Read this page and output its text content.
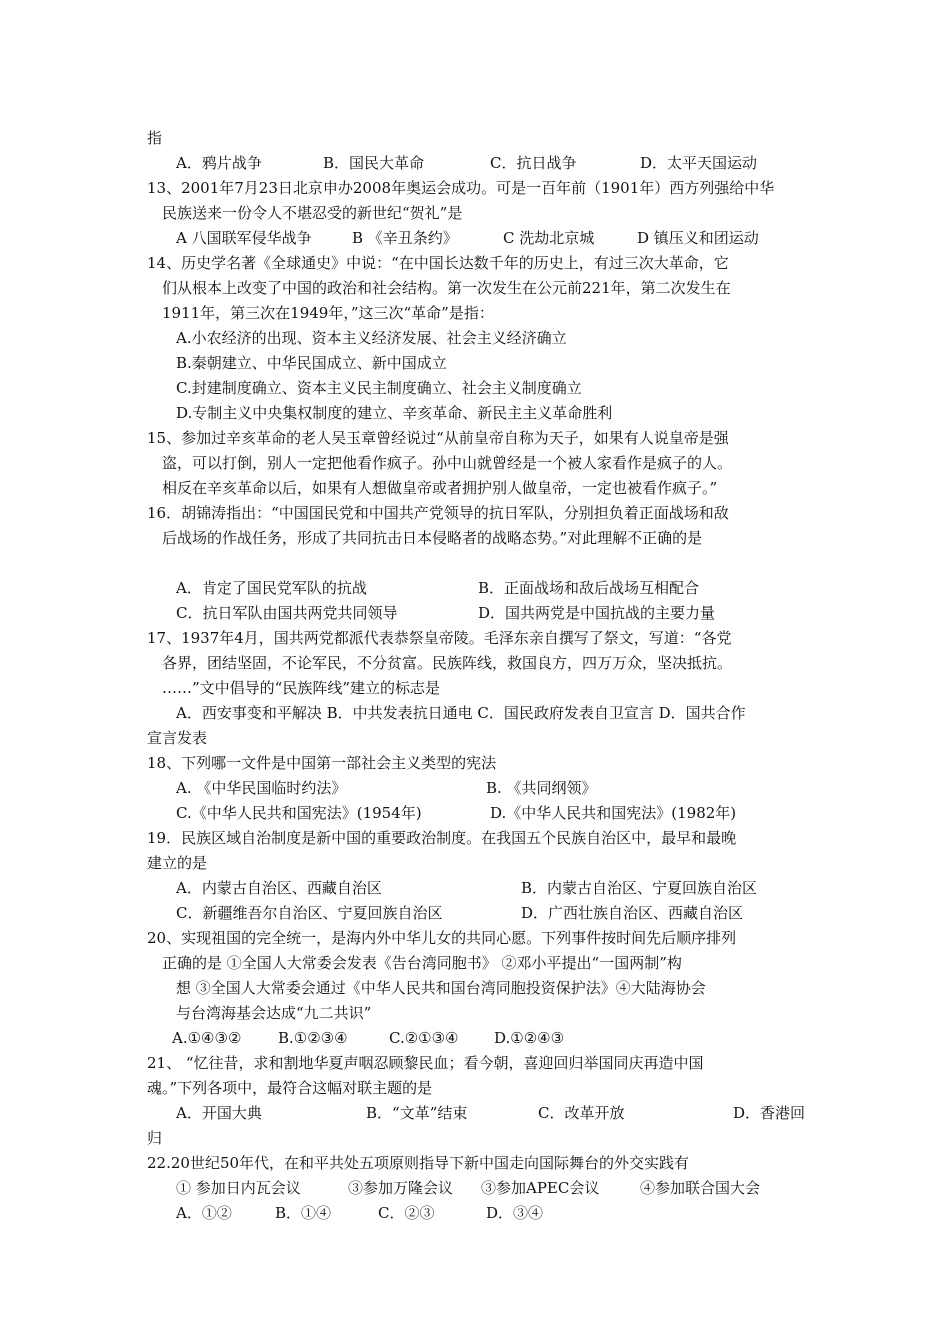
指
A．鸦片战争	B．国民大革命	C．抗日战争	D．太平天国运动
13、2001年7月23日北京申办2008年奥运会成功。可是一百年前（1901年）西方列强给中华
民族送来一份令人不堪忍受的新世纪“贺礼”是
A 八国联军侵华战争	B 《辛丑条约》	C 洗劫北京城	D 镇压义和团运动
14、历史学名著《全球通史》中说：“在中国长达数千年的历史上，有过三次大革命，它
们从根本上改变了中国的政治和社会结构。第一次发生在公元前221年，第二次发生在
1911年，第三次在1949年，”这三次“革命”是指：
A.小农经济的出现、资本主义经济发展、社会主义经济确立
B.秦朝建立、中华民国成立、新中国成立
C.封建制度确立、资本主义民主制度确立、社会主义制度确立
D.专制主义中央集权制度的建立、辛亥革命、新民主主义革命胜利
15、参加过辛亥革命的老人吴玉章曾经说过“从前皇帝自称为天子，如果有人说皇帝是强
盗，可以打倒，别人一定把他看作疯子。孙中山就曾经是一个被人家看作是疯子的人。
相反在辛亥革命以后，如果有人想做皇帝或者拥护别人做皇帝，一定也被看作疯子。”
16．胡锦涛指出：“中国国民党和中国共产党领导的抗日军队，分别担负着正面战场和敌
后战场的作战任务，形成了共同抗击日本侵略者的战略态势。”对此理解不正确的是
A．肯定了国民党军队的抗战	B．正面战场和敌后战场互相配合
C．抗日军队由国共两党共同领导	D．国共两党是中国抗战的主要力量
17、1937年4月，国共两党都派代表恭祭皇帝陵。毛泽东亲自撰写了祭文，写道：“各党
各界，团结坚固，不论军民，不分贫富。民族阵线，救国良方，四万万众，坚决抵抗。
……”文中倡导的“民族阵线”建立的标志是
A．西安事变和平解决 B．中共发表抗日通电 C．国民政府发表自卫宣言 D．国共合作
宣言发表
18、下列哪一文件是中国第一部社会主义类型的宪法
A. 《中华民国临时约法》	B. 《共同纲领》
C.《中华人民共和国宪法》(1954年)	D.《中华人民共和国宪法》(1982年)
19．民族区域自治制度是新中国的重要政治制度。在我国五个民族自治区中，最早和最晚
建立的是
A．内蒙古自治区、西藏自治区	B．内蒙古自治区、宁夏回族自治区
C．新疆维吾尔自治区、宁夏回族自治区	D．广西壮族自治区、西藏自治区
20、实现祖国的完全统一，是海内外中华儿女的共同心愿。下列事件按时间先后顺序排列
正确的是 ①全国人大常委会发表《告台湾同胞书》 ②邓小平提出“一国两制”构
想 ③全国人大常委会通过《中华人民共和国台湾同胞投资保护法》④大陆海协会
与台湾海基会达成“九二共识”
A.①④③② B.①②③④	C.②①③④ D.①②④③
21、 “忆往昔，求和割地华夏声咽忍顾黎民血；看今朝，喜迎回归举国同庆再造中国
魂。”下列各项中，最符合这幅对联主题的是
A．开国大典	B．“文革”结束	C．改革开放	D．香港回
归
22.20世纪50年代，在和平共处五项原则指导下新中国走向国际舞台的外交实践有
① 参加日内瓦会议	③参加万隆会议 ③参加APEC会议	④参加联合国大会
A．①②	B．①④	C．②③	D．③④
